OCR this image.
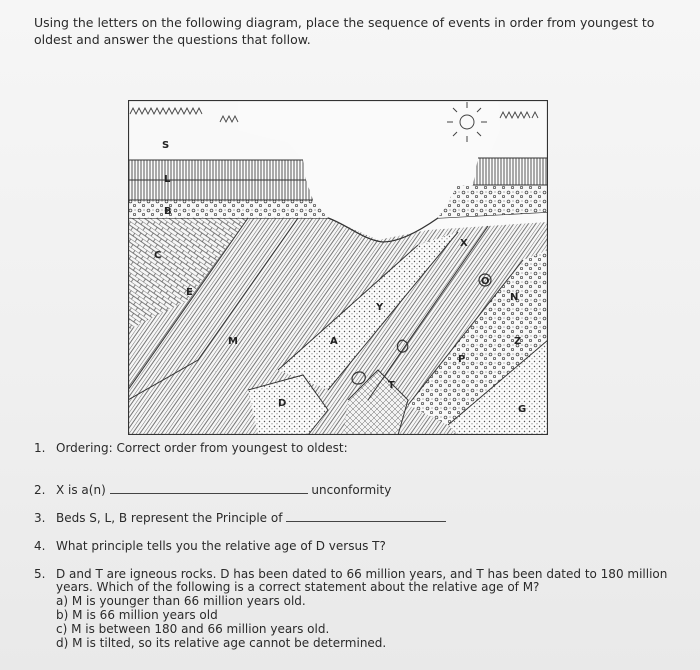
Using the letters on the following diagram, place the sequence of events in order from youngest to oldest and answer the questions that follow.
S
L
B
C
E
M	A
Y
D
T
X
O
P
N
Z
G
1. Ordering: Correct order from youngest to oldest:
2. X is a(n)	unconformity
3. Beds S, L, B represent the Principle of
4. What principle tells you the relative age of D versus T?
5. D and T are igneous rocks. D has been dated to 66 million years, and T has been dated to 180 million
years. Which of the following is a correct statement about the relative age of M?
a) M is younger than 66 million years old.
b) M is 66 million years old
c) M is between 180 and 66 million years old.
d) M is tilted, so its relative age cannot be determined.
